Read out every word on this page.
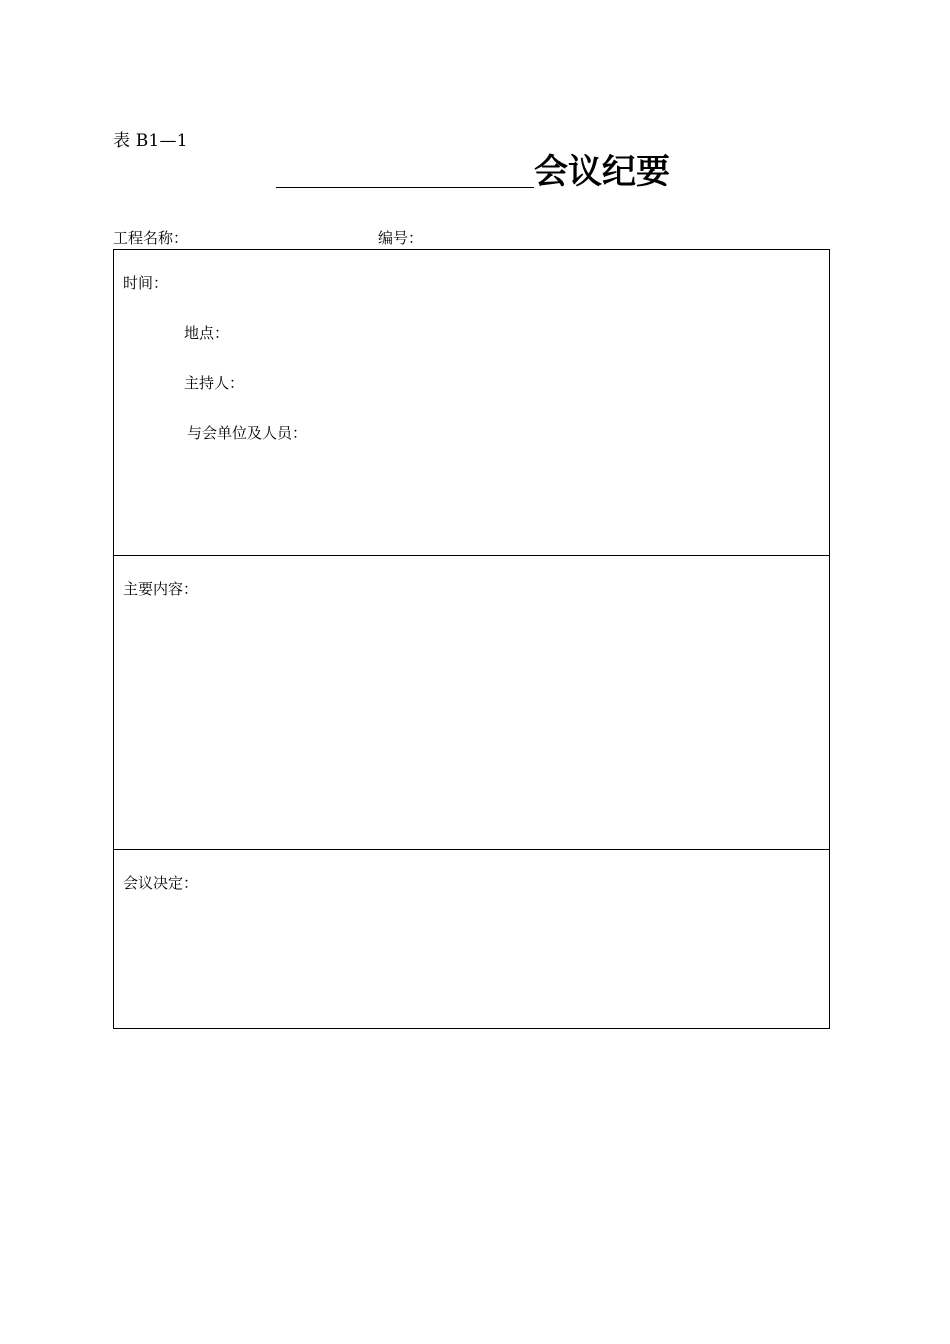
表 B1—1
会议纪要
工程名称：	编号：
时间：
地点：
主持人：
与会单位及人员：
主要内容：
会议决定：
